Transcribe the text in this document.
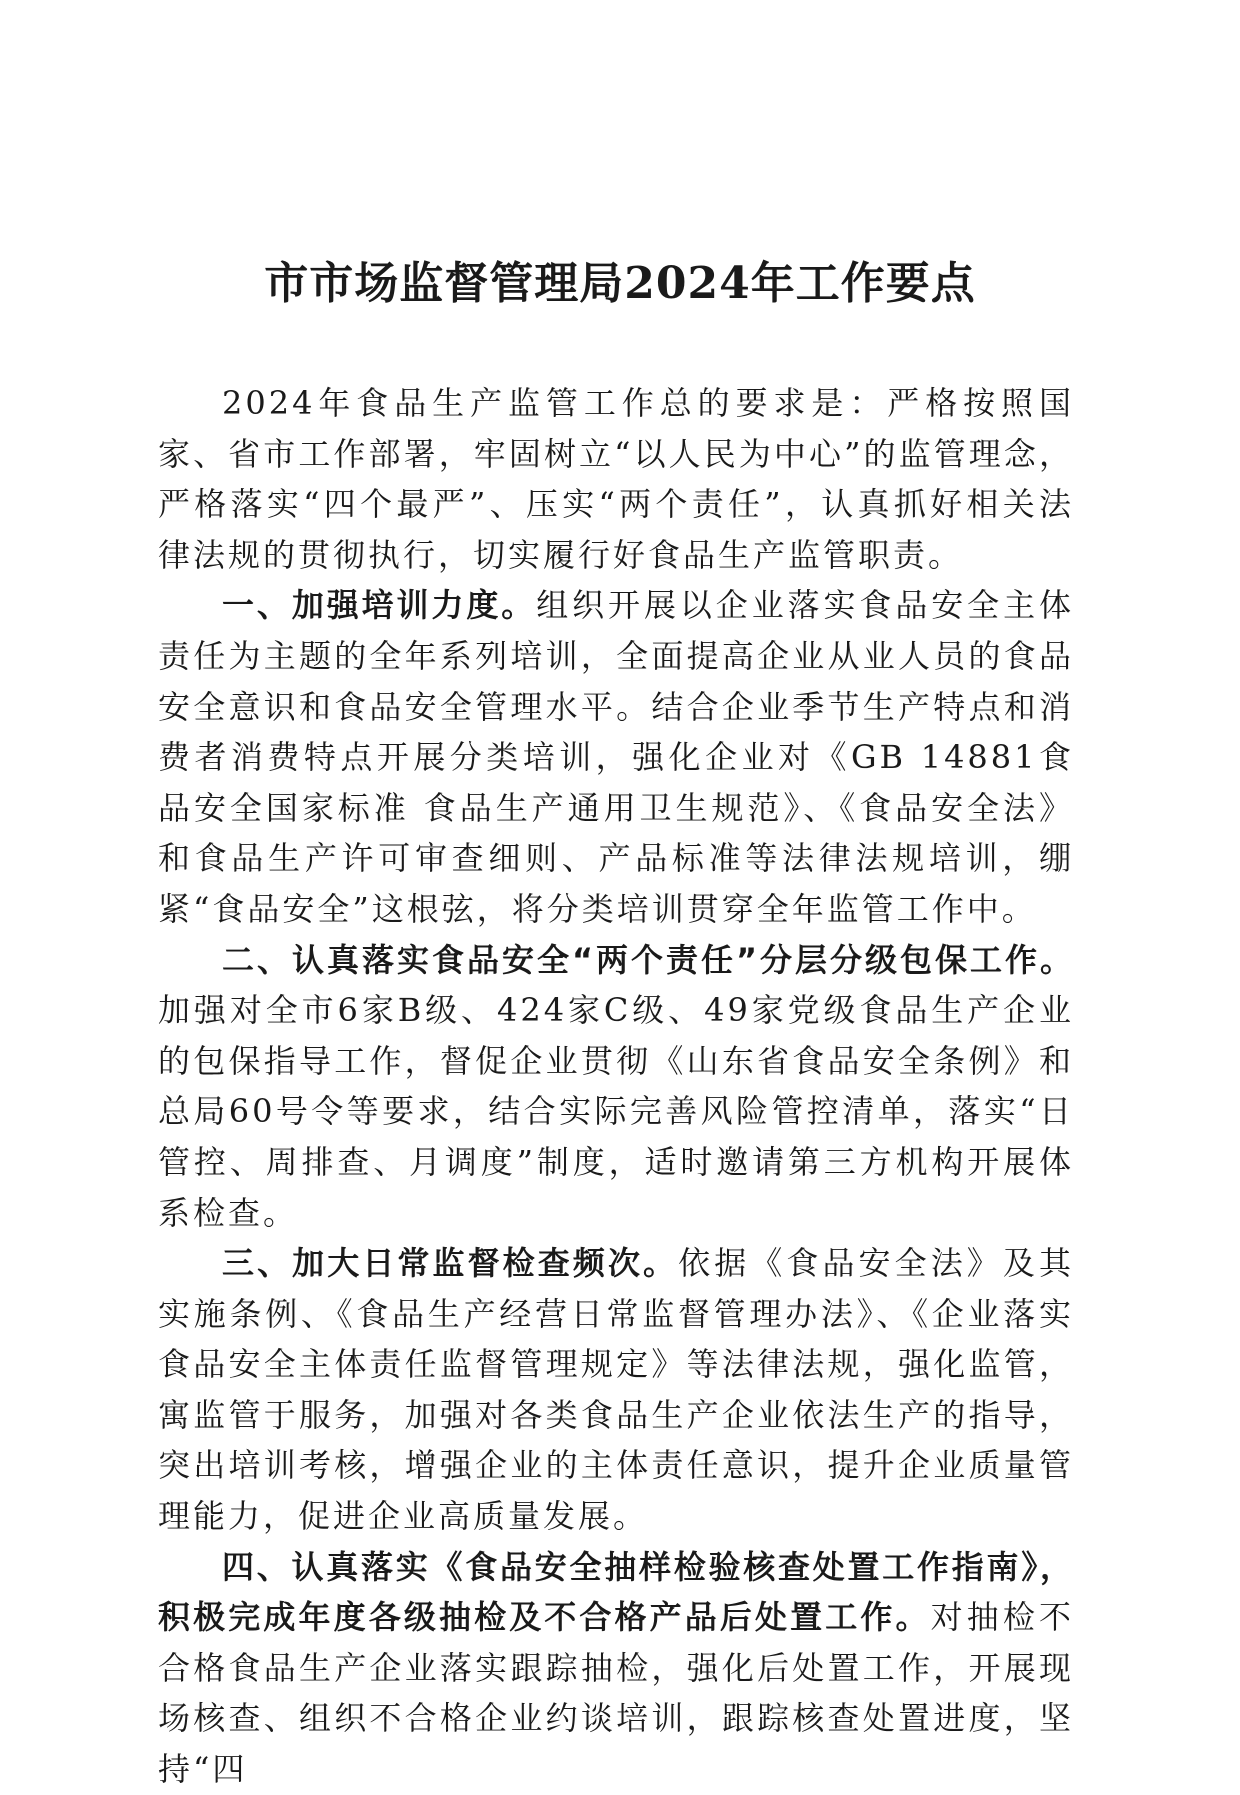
市市场监督管理局2024年工作要点

2024年食品生产监管工作总的要求是：严格按照国家、省市工作部署，牢固树立“以人民为中心”的监管理念，严格落实“四个最严”、压实“两个责任”，认真抓好相关法律法规的贯彻执行，切实履行好食品生产监管职责。

一、加强培训力度。组织开展以企业落实食品安全主体责任为主题的全年系列培训，全面提高企业从业人员的食品安全意识和食品安全管理水平。结合企业季节生产特点和消费者消费特点开展分类培训，强化企业对《GB 14881食品安全国家标准 食品生产通用卫生规范》、《食品安全法》和食品生产许可审查细则、产品标准等法律法规培训，绷紧“食品安全”这根弦，将分类培训贯穿全年监管工作中。

二、认真落实食品安全“两个责任”分层分级包保工作。加强对全市6家B级、424家C级、49家党级食品生产企业的包保指导工作，督促企业贯彻《山东省食品安全条例》和总局60号令等要求，结合实际完善风险管控清单，落实“日管控、周排查、月调度”制度，适时邀请第三方机构开展体系检查。

三、加大日常监督检查频次。依据《食品安全法》及其实施条例、《食品生产经营日常监督管理办法》、《企业落实食品安全主体责任监督管理规定》等法律法规，强化监管，寓监管于服务，加强对各类食品生产企业依法生产的指导，突出培训考核，增强企业的主体责任意识，提升企业质量管理能力，促进企业高质量发展。

四、认真落实《食品安全抽样检验核查处置工作指南》，积极完成年度各级抽检及不合格产品后处置工作。对抽检不合格食品生产企业落实跟踪抽检，强化后处置工作，开展现场核查、组织不合格企业约谈培训，跟踪核查处置进度，坚持“四
